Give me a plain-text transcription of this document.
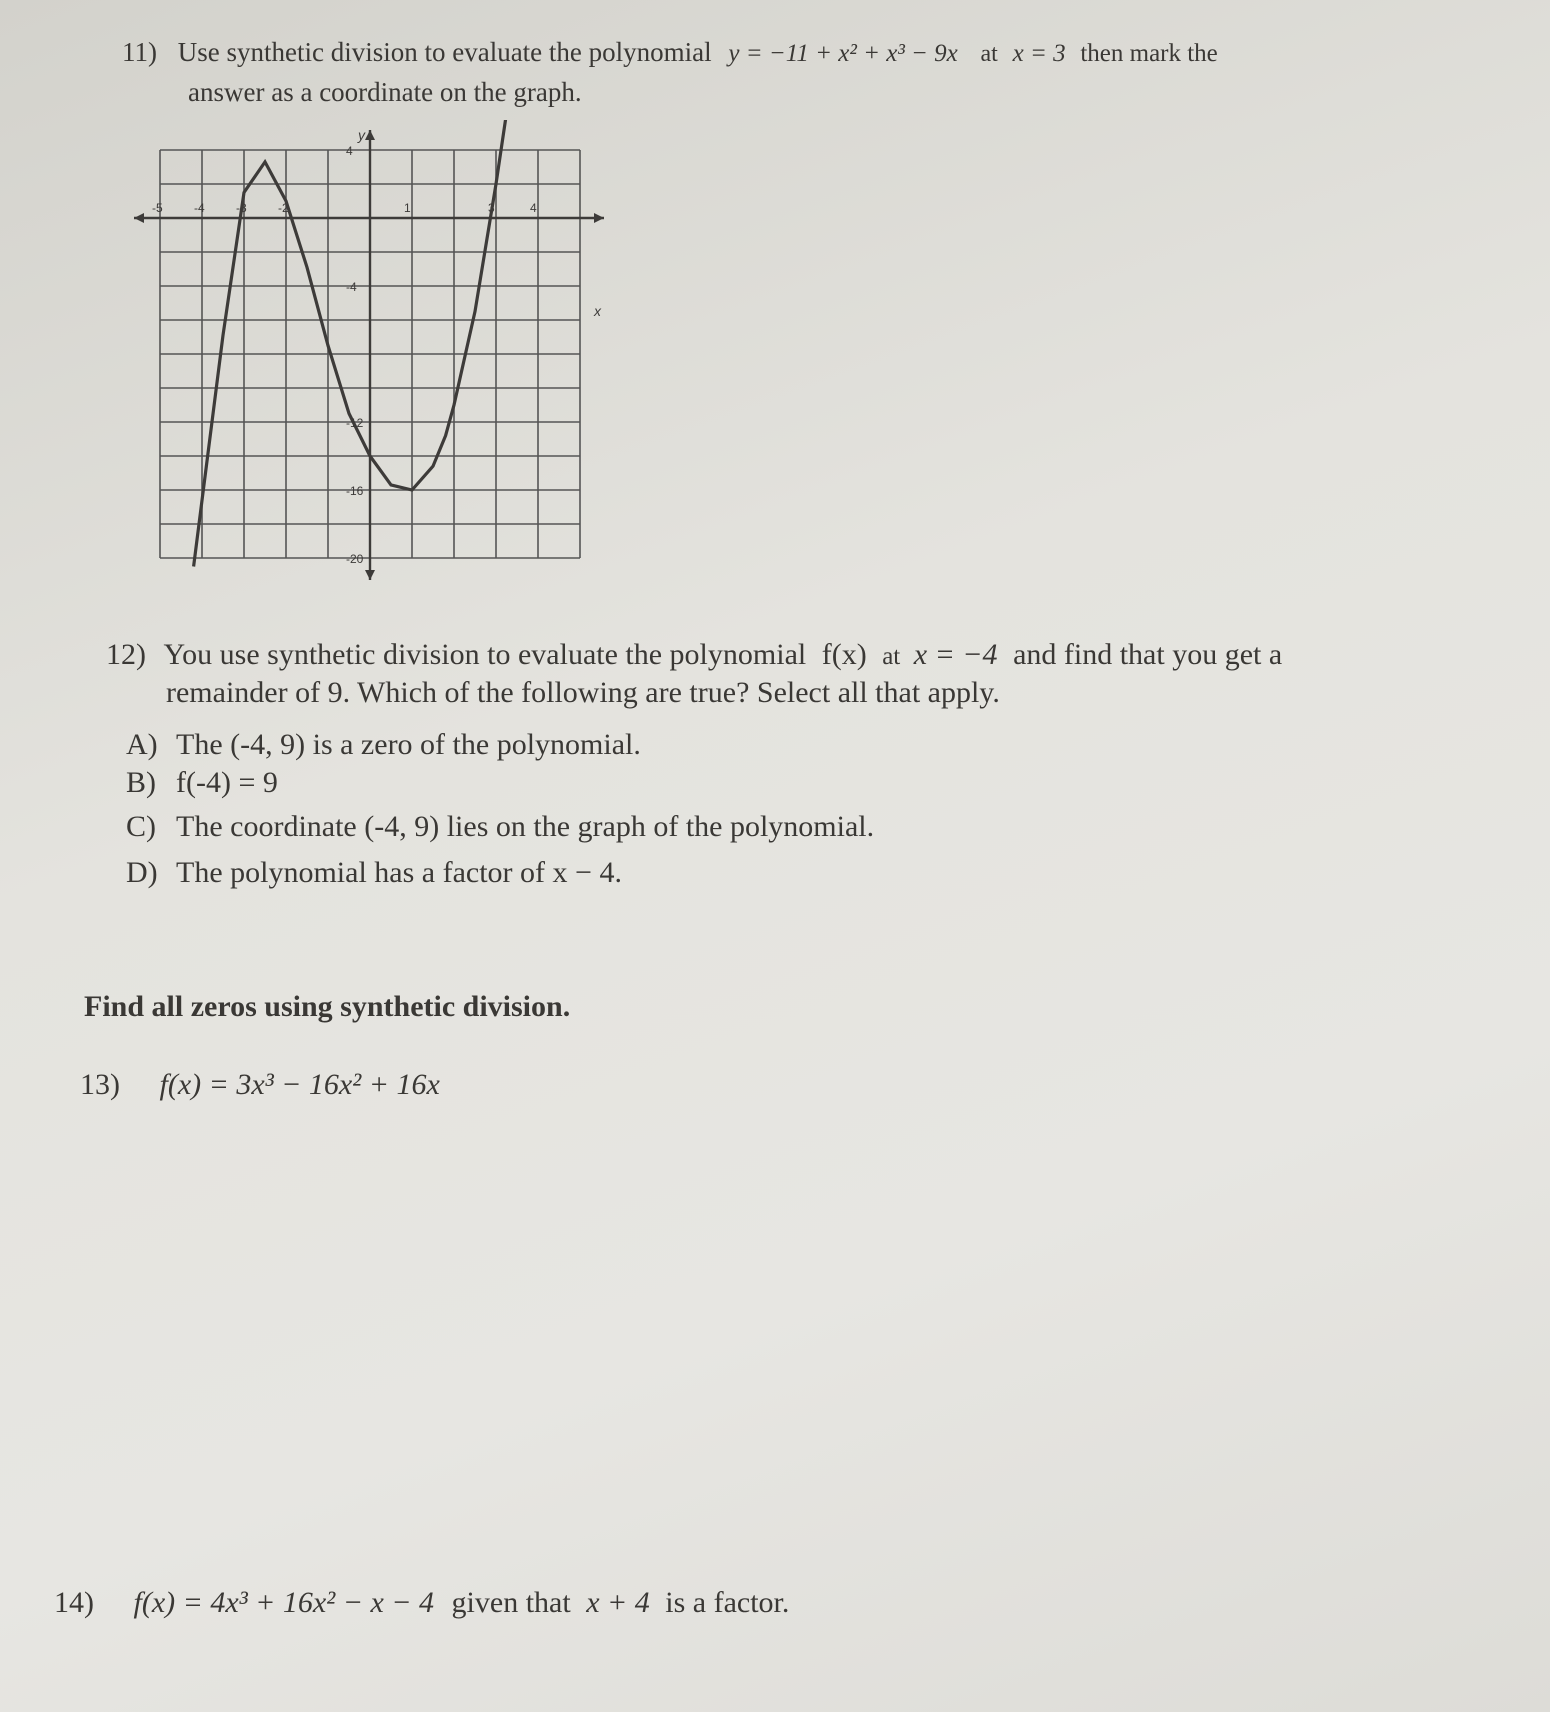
11) Use synthetic division to evaluate the polynomial y = −11 + x² + x³ − 9x at x = 3 then mark the
answer as a coordinate on the graph.
-5	-4	-3	-2	1	3	4
4
-4
-12
-16
-20
x
y
12) You use synthetic division to evaluate the polynomial f(x) at x = −4 and find that you get a
remainder of 9. Which of the following are true? Select all that apply.
A) The (-4, 9) is a zero of the polynomial.
B) f(-4) = 9
C) The coordinate (-4, 9) lies on the graph of the polynomial.
D) The polynomial has a factor of x − 4.
Find all zeros using synthetic division.
13) f(x) = 3x³ − 16x² + 16x
14) f(x) = 4x³ + 16x² − x − 4 given that x + 4 is a factor.
